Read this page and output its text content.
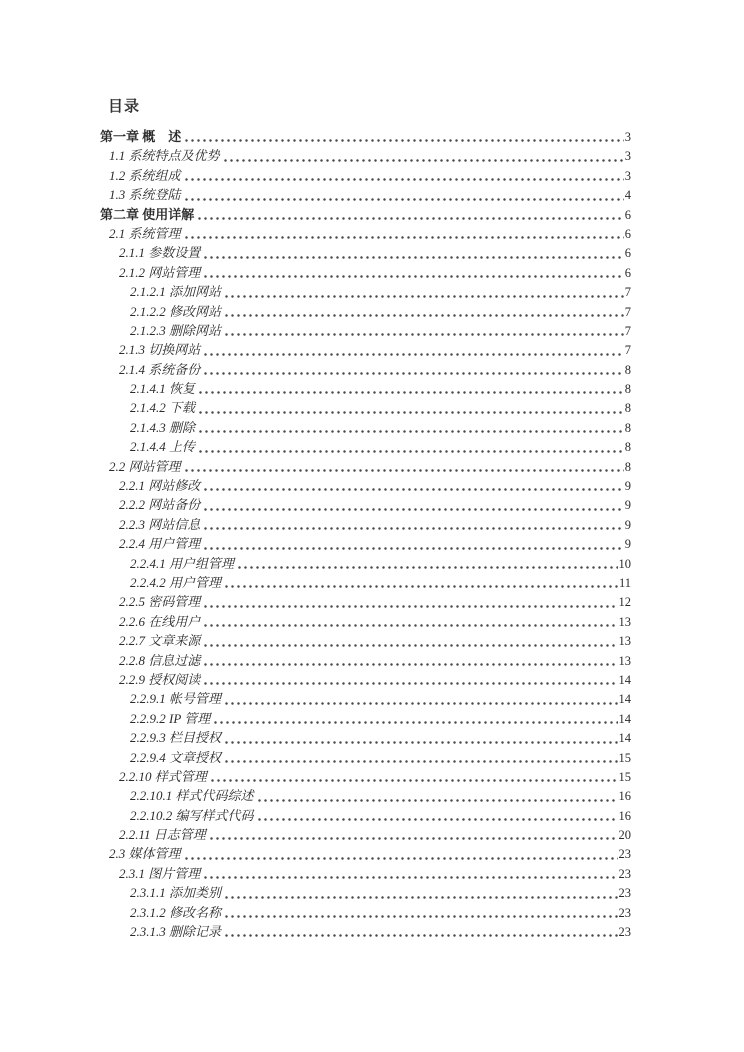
目录
第一章 概　述	3
1.1 系统特点及优势	3
1.2 系统组成	3
1.3 系统登陆	4
第二章 使用详解	6
2.1 系统管理	6
2.1.1 参数设置	6
2.1.2 网站管理	6
2.1.2.1 添加网站	7
2.1.2.2 修改网站	7
2.1.2.3 删除网站	7
2.1.3 切换网站	7
2.1.4 系统备份	8
2.1.4.1 恢复	8
2.1.4.2 下载	8
2.1.4.3 删除	8
2.1.4.4 上传	8
2.2 网站管理	8
2.2.1 网站修改	9
2.2.2 网站备份	9
2.2.3 网站信息	9
2.2.4 用户管理	9
2.2.4.1 用户组管理	10
2.2.4.2 用户管理	11
2.2.5 密码管理	12
2.2.6 在线用户	13
2.2.7 文章来源	13
2.2.8 信息过滤	13
2.2.9 授权阅读	14
2.2.9.1 帐号管理	14
2.2.9.2 IP 管理	14
2.2.9.3 栏目授权	14
2.2.9.4 文章授权	15
2.2.10 样式管理	15
2.2.10.1 样式代码综述	16
2.2.10.2 编写样式代码	16
2.2.11 日志管理	20
2.3 媒体管理	23
2.3.1 图片管理	23
2.3.1.1 添加类别	23
2.3.1.2 修改名称	23
2.3.1.3 删除记录	23
